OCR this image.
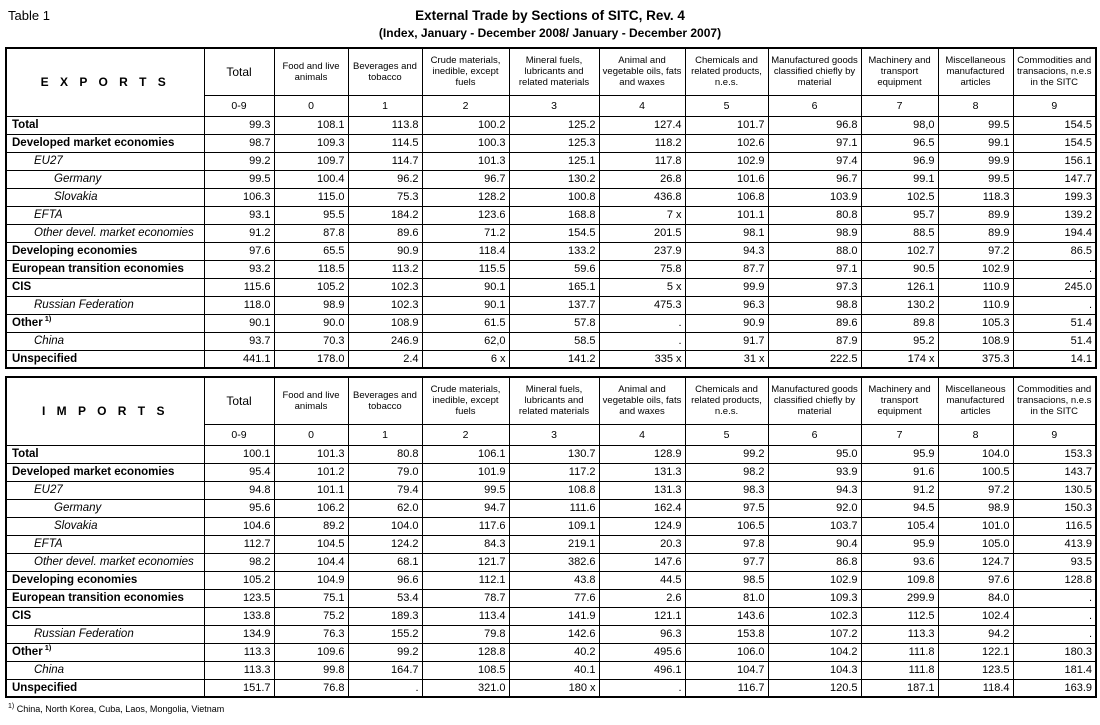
Table 1	External Trade by Sections of SITC, Rev. 4
(Index, January - December 2008/ January - December 2007)
E X P O R T S	Total	Food and live animals	Beverages and tobacco	Crude materials, inedible, except fuels	Mineral fuels, lubricants and related materials	Animal and vegetable oils, fats and waxes	Chemicals and related products, n.e.s.	Manufactured goods classified chiefly by material	Machinery and transport equipment	Miscellaneous manufactured articles	Commodities and transacions, n.e.s in the SITC
	0-9	0	1	2	3	4	5	6	7	8	9
Total	99.3	108.1	113.8	100.2	125.2	127.4	101.7	96.8	98,0	99.5	154.5
Developed market economies	98.7	109.3	114.5	100.3	125.3	118.2	102.6	97.1	96.5	99.1	154.5
EU27	99.2	109.7	114.7	101.3	125.1	117.8	102.9	97.4	96.9	99.9	156.1
Germany	99.5	100.4	96.2	96.7	130.2	26.8	101.6	96.7	99.1	99.5	147.7
Slovakia	106.3	115.0	75.3	128.2	100.8	436.8	106.8	103.9	102.5	118.3	199.3
EFTA	93.1	95.5	184.2	123.6	168.8	7 x	101.1	80.8	95.7	89.9	139.2
Other devel. market economies	91.2	87.8	89.6	71.2	154.5	201.5	98.1	98.9	88.5	89.9	194.4
Developing economies	97.6	65.5	90.9	118.4	133.2	237.9	94.3	88.0	102.7	97.2	86.5
European transition economies	93.2	118.5	113.2	115.5	59.6	75.8	87.7	97.1	90.5	102.9	.
CIS	115.6	105.2	102.3	90.1	165.1	5 x	99.9	97.3	126.1	110.9	245.0
Russian Federation	118.0	98.9	102.3	90.1	137.7	475.3	96.3	98.8	130.2	110.9	.
Other $^{1)}$	90.1	90.0	108.9	61.5	57.8	.	90.9	89.6	89.8	105.3	51.4
China	93.7	70.3	246.9	62,0	58.5	.	91.7	87.9	95.2	108.9	51.4
Unspecified	441.1	178.0	2.4	6 x	141.2	335 x	31 x	222.5	174 x	375.3	14.1
I M P O R T S	Total	Food and live animals	Beverages and tobacco	Crude materials, inedible, except fuels	Mineral fuels, lubricants and related materials	Animal and vegetable oils, fats and waxes	Chemicals and related products, n.e.s.	Manufactured goods classified chiefly by material	Machinery and transport equipment	Miscellaneous manufactured articles	Commodities and transacions, n.e.s in the SITC
	0-9	0	1	2	3	4	5	6	7	8	9
Total	100.1	101.3	80.8	106.1	130.7	128.9	99.2	95.0	95.9	104.0	153.3
Developed market economies	95.4	101.2	79.0	101.9	117.2	131.3	98.2	93.9	91.6	100.5	143.7
EU27	94.8	101.1	79.4	99.5	108.8	131.3	98.3	94.3	91.2	97.2	130.5
Germany	95.6	106.2	62.0	94.7	111.6	162.4	97.5	92.0	94.5	98.9	150.3
Slovakia	104.6	89.2	104.0	117.6	109.1	124.9	106.5	103.7	105.4	101.0	116.5
EFTA	112.7	104.5	124.2	84.3	219.1	20.3	97.8	90.4	95.9	105.0	413.9
Other devel. market economies	98.2	104.4	68.1	121.7	382.6	147.6	97.7	86.8	93.6	124.7	93.5
Developing economies	105.2	104.9	96.6	112.1	43.8	44.5	98.5	102.9	109.8	97.6	128.8
European transition economies	123.5	75.1	53.4	78.7	77.6	2.6	81.0	109.3	299.9	84.0	.
CIS	133.8	75.2	189.3	113.4	141.9	121.1	143.6	102.3	112.5	102.4	.
Russian Federation	134.9	76.3	155.2	79.8	142.6	96.3	153.8	107.2	113.3	94.2	.
Other $^{1)}$	113.3	109.6	99.2	128.8	40.2	495.6	106.0	104.2	111.8	122.1	180.3
China	113.3	99.8	164.7	108.5	40.1	496.1	104.7	104.3	111.8	123.5	181.4
Unspecified	151.7	76.8	.	321.0	180 x	.	116.7	120.5	187.1	118.4	163.9
$^{1)}$ China, North Korea, Cuba, Laos, Mongolia, Vietnam
